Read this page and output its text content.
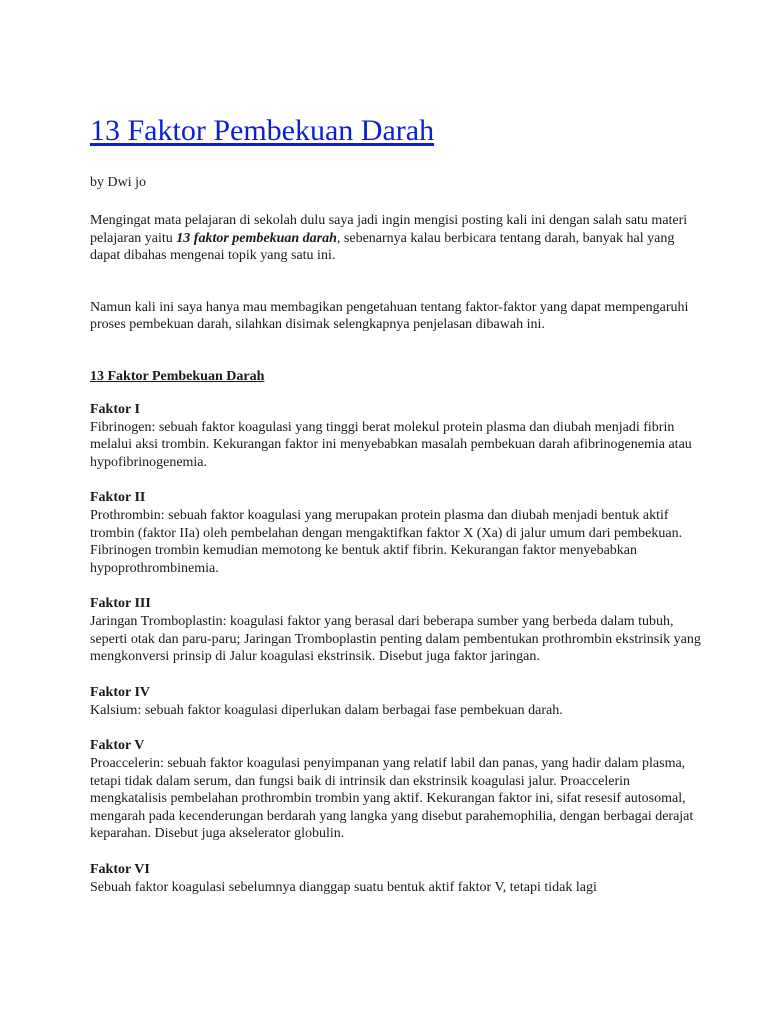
13 Faktor Pembekuan Darah

by Dwi jo

Mengingat mata pelajaran di sekolah dulu saya jadi ingin mengisi posting kali ini dengan salah satu materi pelajaran yaitu 13 faktor pembekuan darah, sebenarnya kalau berbicara tentang darah, banyak hal yang dapat dibahas mengenai topik yang satu ini.

Namun kali ini saya hanya mau membagikan pengetahuan tentang faktor-faktor yang dapat mempengaruhi proses pembekuan darah, silahkan disimak selengkapnya penjelasan dibawah ini.

13 Faktor Pembekuan Darah

Faktor I

Fibrinogen: sebuah faktor koagulasi yang tinggi berat molekul protein plasma dan diubah menjadi fibrin melalui aksi trombin. Kekurangan faktor ini menyebabkan masalah pembekuan darah afibrinogenemia atau hypofibrinogenemia.

Faktor II

Prothrombin: sebuah faktor koagulasi yang merupakan protein plasma dan diubah menjadi bentuk aktif trombin (faktor IIa) oleh pembelahan dengan mengaktifkan faktor X (Xa) di jalur umum dari pembekuan. Fibrinogen trombin kemudian memotong ke bentuk aktif fibrin. Kekurangan faktor menyebabkan hypoprothrombinemia.

Faktor III

Jaringan Tromboplastin: koagulasi faktor yang berasal dari beberapa sumber yang berbeda dalam tubuh, seperti otak dan paru-paru; Jaringan Tromboplastin penting dalam pembentukan prothrombin ekstrinsik yang mengkonversi prinsip di Jalur koagulasi ekstrinsik. Disebut juga faktor jaringan.

Faktor IV

Kalsium: sebuah faktor koagulasi diperlukan dalam berbagai fase pembekuan darah.

Faktor V

Proaccelerin: sebuah faktor koagulasi penyimpanan yang relatif labil dan panas, yang hadir dalam plasma, tetapi tidak dalam serum, dan fungsi baik di intrinsik dan ekstrinsik koagulasi jalur. Proaccelerin mengkatalisis pembelahan prothrombin trombin yang aktif. Kekurangan faktor ini, sifat resesif autosomal, mengarah pada kecenderungan berdarah yang langka yang disebut parahemophilia, dengan berbagai derajat keparahan. Disebut juga akselerator globulin.

Faktor VI

Sebuah faktor koagulasi sebelumnya dianggap suatu bentuk aktif faktor V, tetapi tidak lagi
